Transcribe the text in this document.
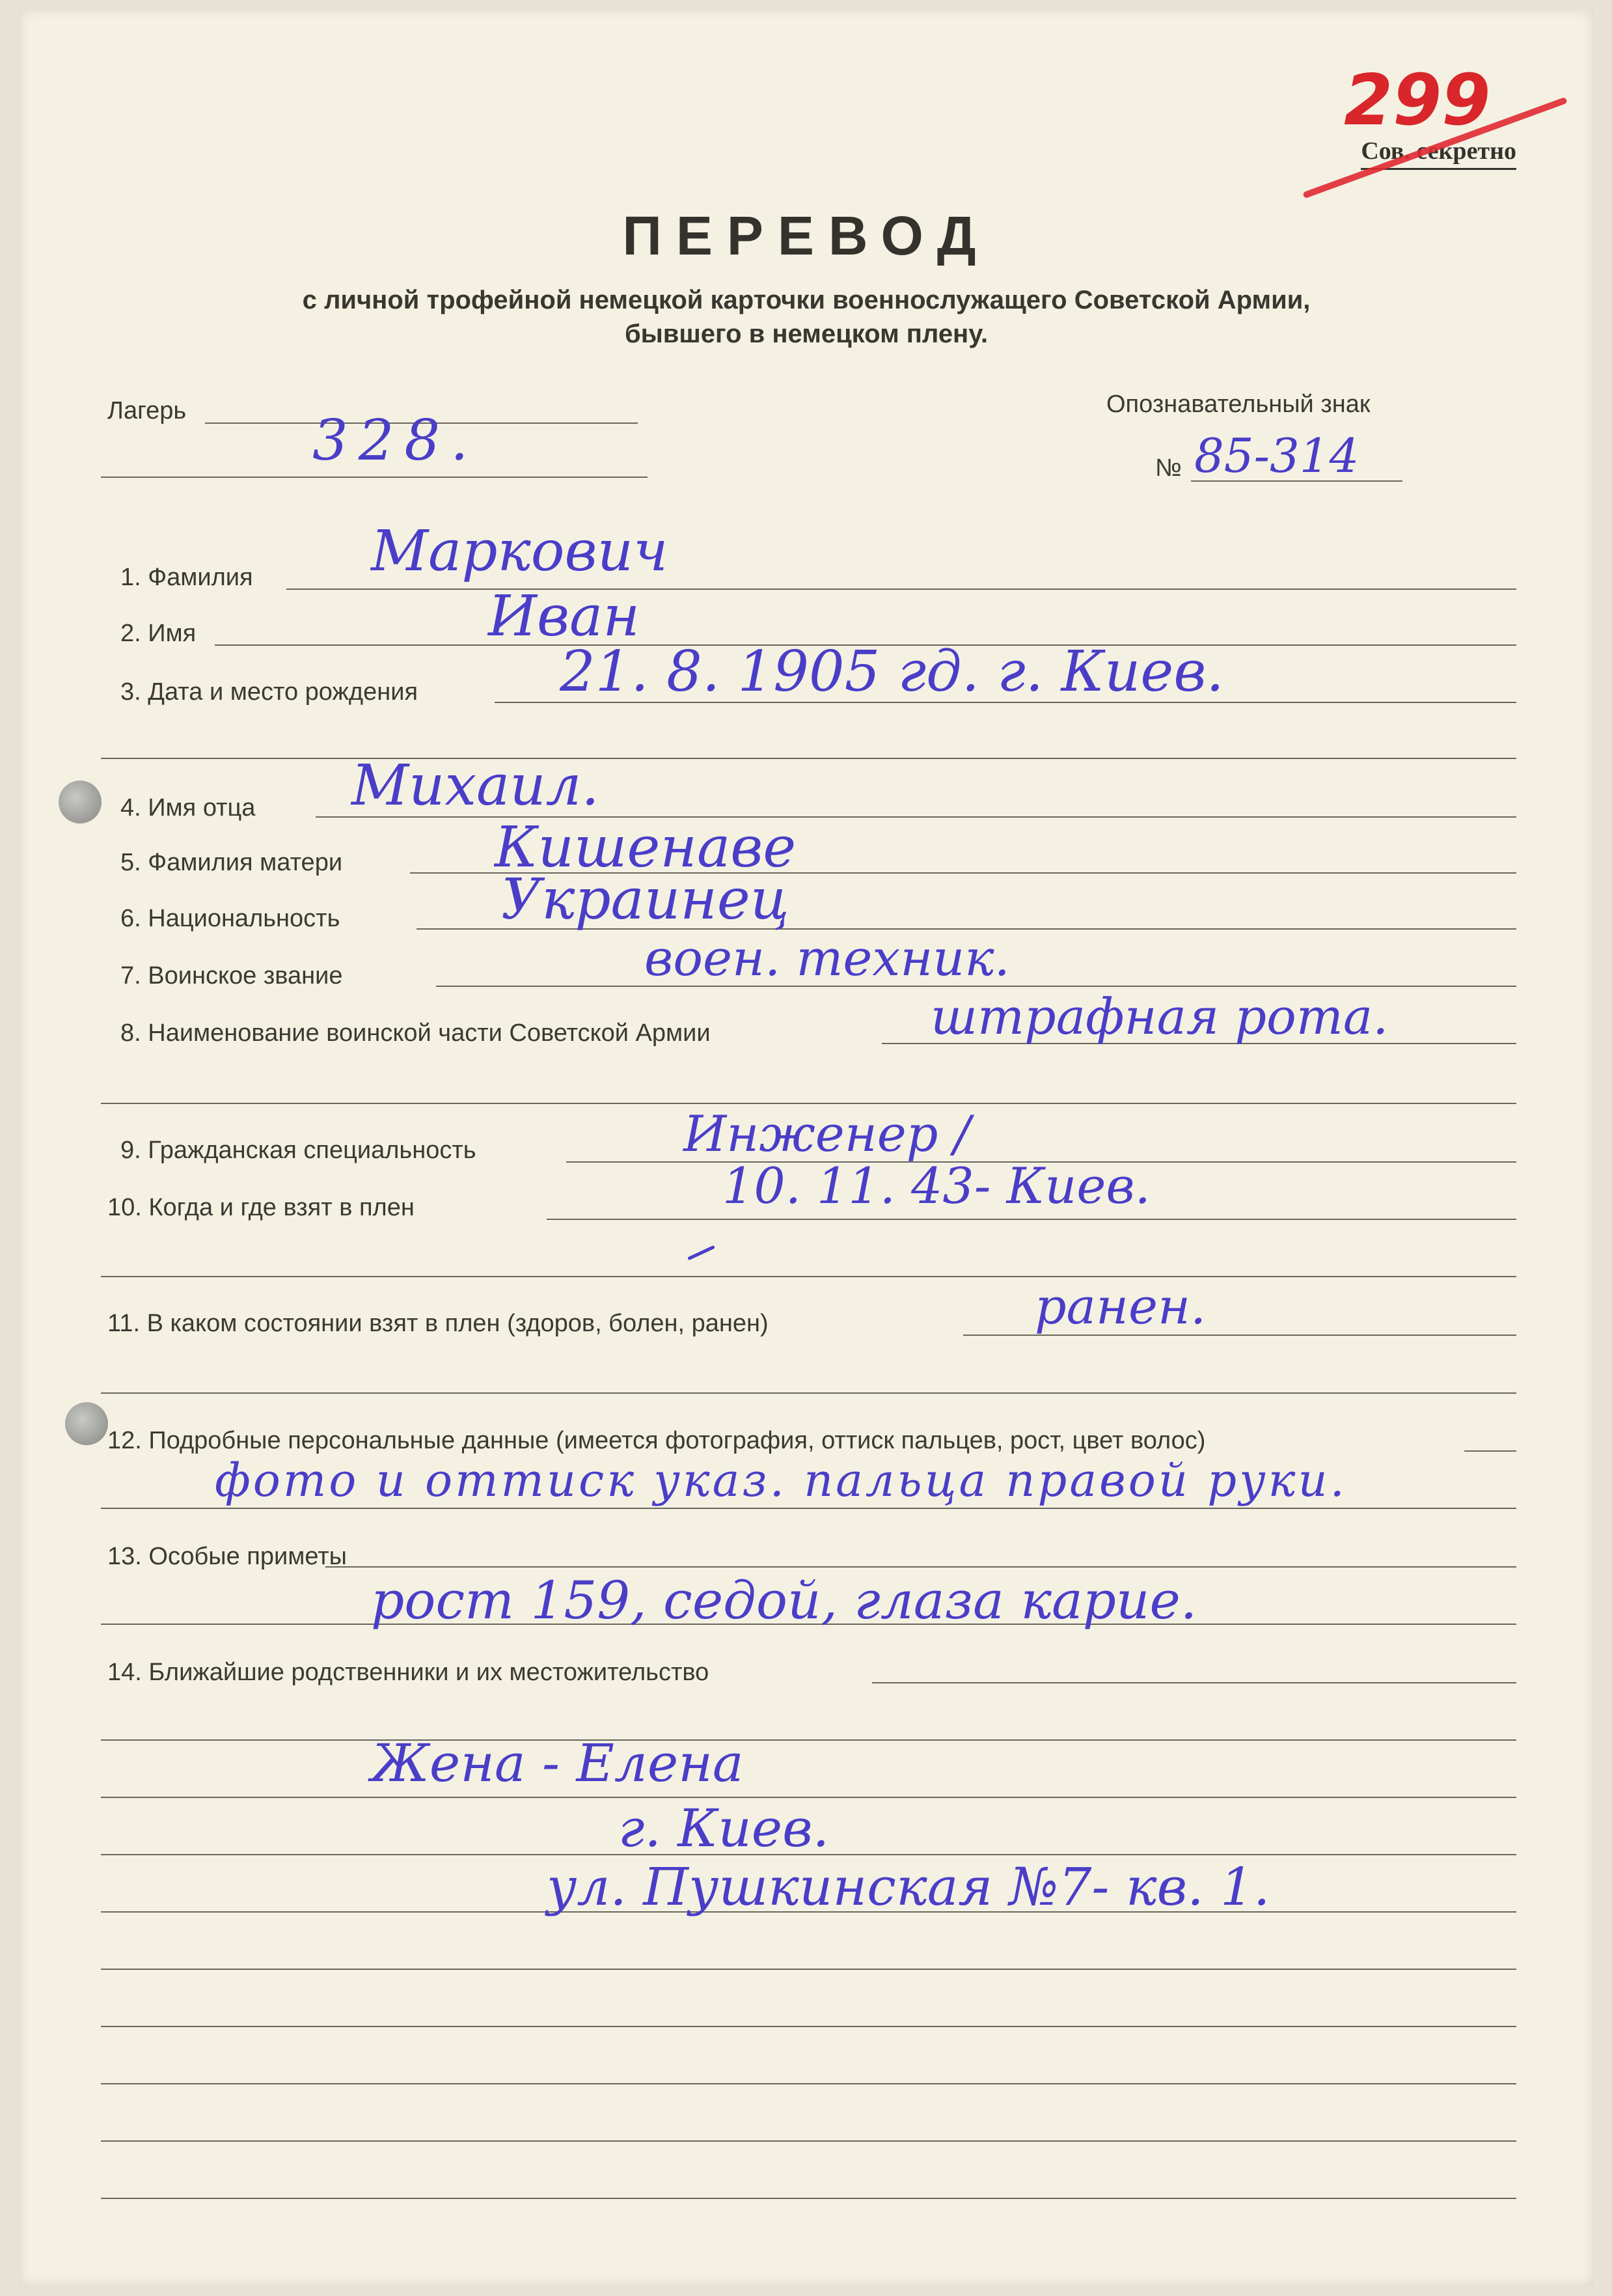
Сов. секретно
299
ПЕРЕВОД
с личной трофейной немецкой карточки военнослужащего Советской Армии,
бывшего в немецком плену.
Лагерь 328.
Опознавательный знак
№ 85-314
1. Фамилия Маркович
2. Имя	Иван
3. Дата и место рождения	21. 8. 1905 гд. г. Киев.
4. Имя отца Михаил.
5. Фамилия матери	Кишенаве
6. Национальность	Украинец
7. Воинское звание	воен. техник.
8. Наименование воинской части Советской Армии	штрафная рота.
9. Гражданская специальность	Инженер /
10. Когда и где взят в плен	10. 11. 43- Киев.
11. В каком состоянии взят в плен (здоров, болен, ранен)	ранен.
12. Подробные персональные данные (имеется фотография, оттиск пальцев, рост, цвет волос)
фото и оттиск указ. пальца правой руки.
13. Особые приметы
рост 159, седой, глаза карие.
14. Ближайшие родственники и их местожительство
Жена - Елена
г. Киев.
ул. Пушкинская №7- кв. 1.
